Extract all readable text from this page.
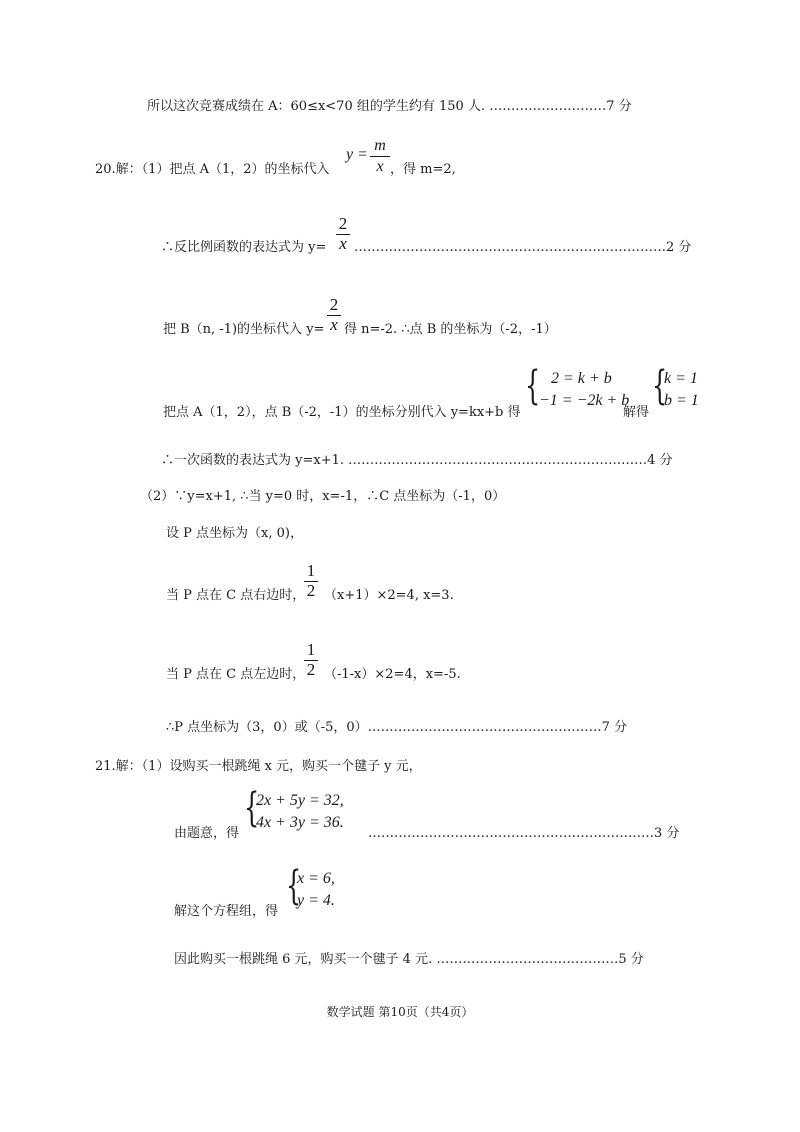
所以这次竞赛成绩在 A：60≤x<70 组的学生约有 150 人. ………………………7 分
20.解：（1）把点 A（1，2）的坐标代入
y =
m
x ，得 m=2,
∴反比例函数的表达式为 y=
2
x ………………………………………………………………2 分
把 B（n, -1)的坐标代入 y=
2
x 得 n=-2. ∴点 B 的坐标为（-2，-1）
把点 A（1，2），点 B（-2，-1）的坐标分别代入 y=kx+b 得
{ 2 = k + b
−1 = −2k + b
解得
{
k = 1
b = 1
∴一次函数的表达式为 y=x+1. ……………………………………………………………4 分
（2）∵y=x+1, ∴当 y=0 时，x=-1，∴C 点坐标为（-1，0）
设 P 点坐标为（x, 0)，
当 P 点在 C 点右边时，
1
2 （x+1）×2=4, x=3.
当 P 点在 C 点左边时，
1
2 （-1-x）×2=4，x=-5.
∴P 点坐标为（3，0）或（-5，0）………………………………………………7 分
21.解：（1）设购买一根跳绳 x 元，购买一个毽子 y 元，
由题意，得
{
2x + 5y = 32,
4x + 3y = 36.
…………………………………………………………3 分
解这个方程组，得
{
x = 6,
y = 4.
因此购买一根跳绳 6 元，购买一个毽子 4 元. ……………………………………5 分
数学试题 第10页（共4页）
